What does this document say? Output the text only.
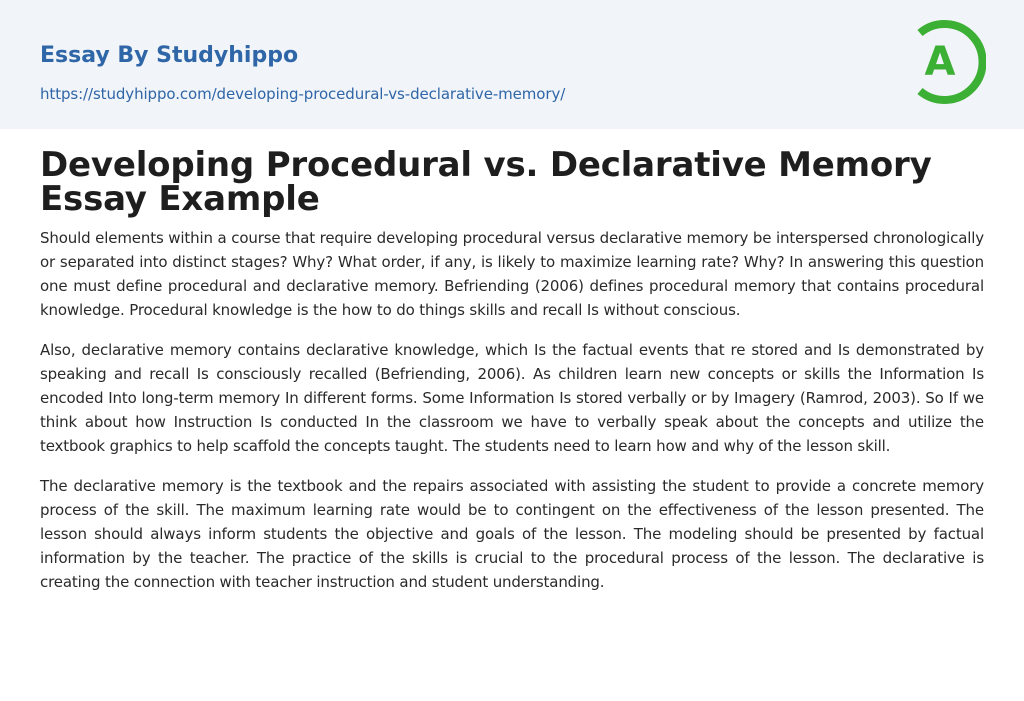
Essay By Studyhippo
https://studyhippo.com/developing-procedural-vs-declarative-memory/
A
Developing Procedural vs. Declarative Memory Essay Example

Should elements within a course that require developing procedural versus declarative memory be interspersed chronologically or separated into distinct stages? Why? What order, if any, is likely to maximize learning rate? Why? In answering this question one must define procedural and declarative memory. Befriending (2006) defines procedural memory that contains procedural knowledge. Procedural knowledge is the how to do things skills and recall Is without conscious.

Also, declarative memory contains declarative knowledge, which Is the factual events that re stored and Is demonstrated by speaking and recall Is consciously recalled (Befriending, 2006). As children learn new concepts or skills the Information Is encoded Into long-term memory In different forms. Some Information Is stored verbally or by Imagery (Ramrod, 2003). So If we think about how Instruction Is conducted In the classroom we have to verbally speak about the concepts and utilize the textbook graphics to help scaffold the concepts taught. The students need to learn how and why of the lesson skill.

The declarative memory is the textbook and the repairs associated with assisting the student to provide a concrete memory process of the skill. The maximum learning rate would be to contingent on the effectiveness of the lesson presented. The lesson should always inform students the objective and goals of the lesson. The modeling should be presented by factual information by the teacher. The practice of the skills is crucial to the procedural process of the lesson. The declarative is creating the connection with teacher instruction and student understanding.
